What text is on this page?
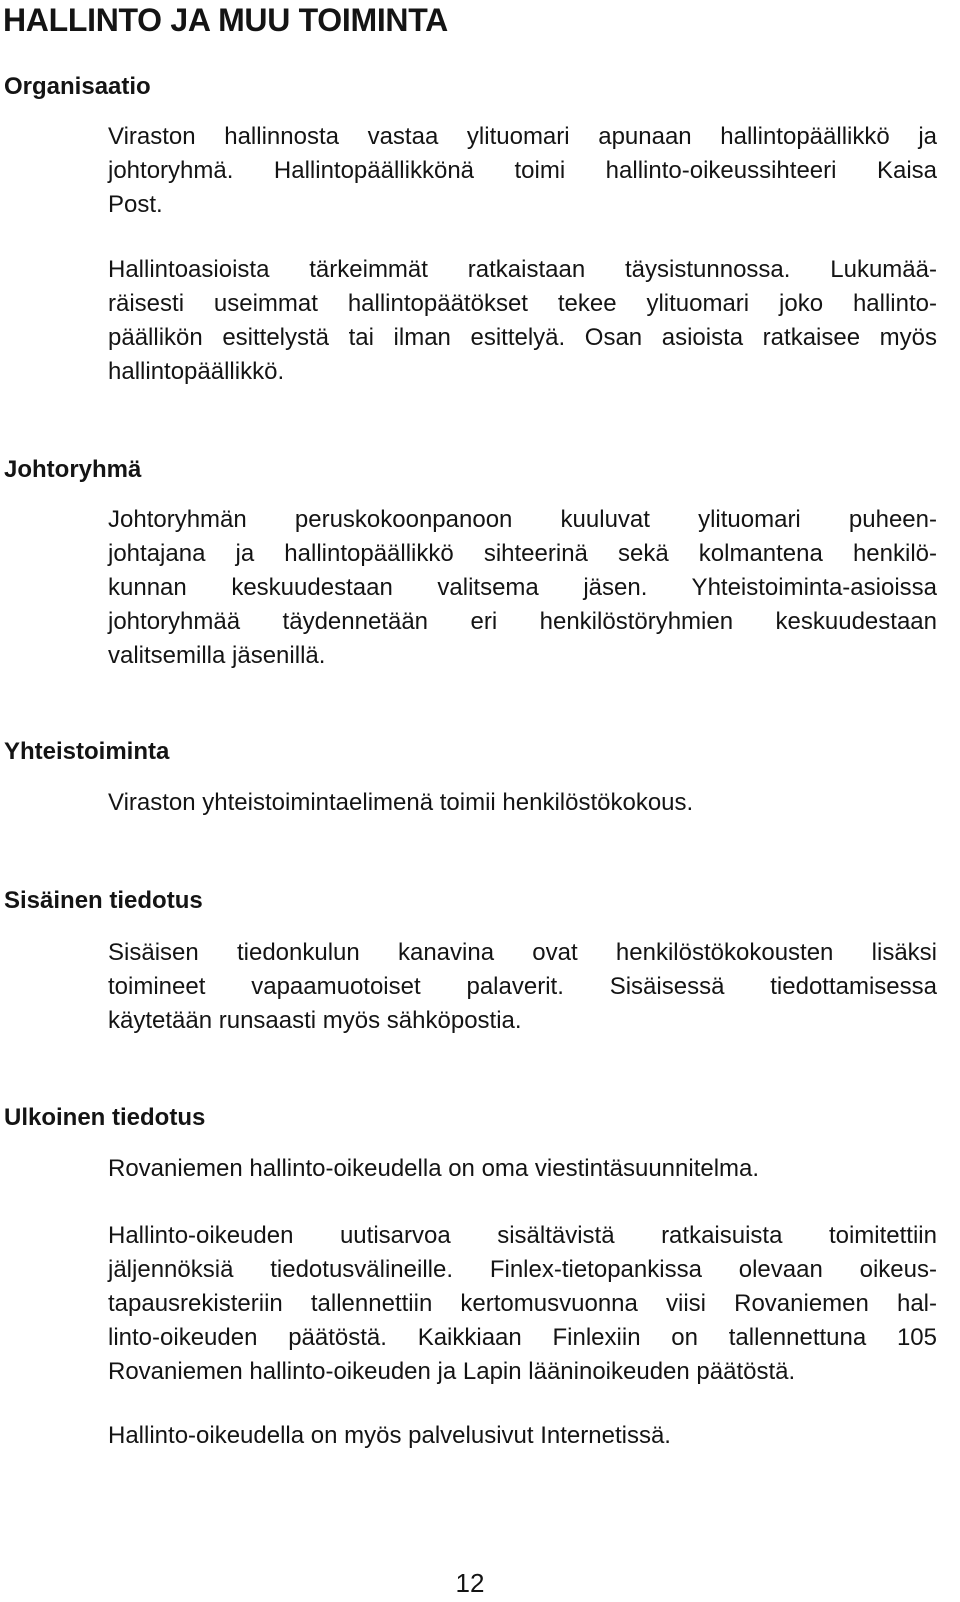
HALLINTO JA MUU TOIMINTA
Organisaatio

Viraston hallinnosta vastaa ylituomari apunaan hallintopäällikkö ja
johtoryhmä. Hallintopäällikkönä toimi hallinto-oikeussihteeri Kaisa
Post.

Hallintoasioista tärkeimmät ratkaistaan täysistunnossa. Lukumää-
räisesti useimmat hallintopäätökset tekee ylituomari joko hallinto-
päällikön esittelystä tai ilman esittelyä. Osan asioista ratkaisee myös
hallintopäällikkö.

Johtoryhmä

Johtoryhmän peruskokoonpanoon kuuluvat ylituomari puheen-
johtajana ja hallintopäällikkö sihteerinä sekä kolmantena henkilö-
kunnan keskuudestaan valitsema jäsen. Yhteistoiminta-asioissa
johtoryhmää täydennetään eri henkilöstöryhmien keskuudestaan
valitsemilla jäsenillä.

Yhteistoiminta

Viraston yhteistoimintaelimenä toimii henkilöstökokous.

Sisäinen tiedotus

Sisäisen tiedonkulun kanavina ovat henkilöstökokousten lisäksi
toimineet vapaamuotoiset palaverit. Sisäisessä tiedottamisessa
käytetään runsaasti myös sähköpostia.

Ulkoinen tiedotus

Rovaniemen hallinto-oikeudella on oma viestintäsuunnitelma.

Hallinto-oikeuden uutisarvoa sisältävistä ratkaisuista toimitettiin
jäljennöksiä tiedotusvälineille. Finlex-tietopankissa olevaan oikeus-
tapausrekisteriin tallennettiin kertomusvuonna viisi Rovaniemen hal-
linto-oikeuden päätöstä. Kaikkiaan Finlexiin on tallennettuna 105
Rovaniemen hallinto-oikeuden ja Lapin lääninoikeuden päätöstä.

Hallinto-oikeudella on myös palvelusivut Internetissä.

12
